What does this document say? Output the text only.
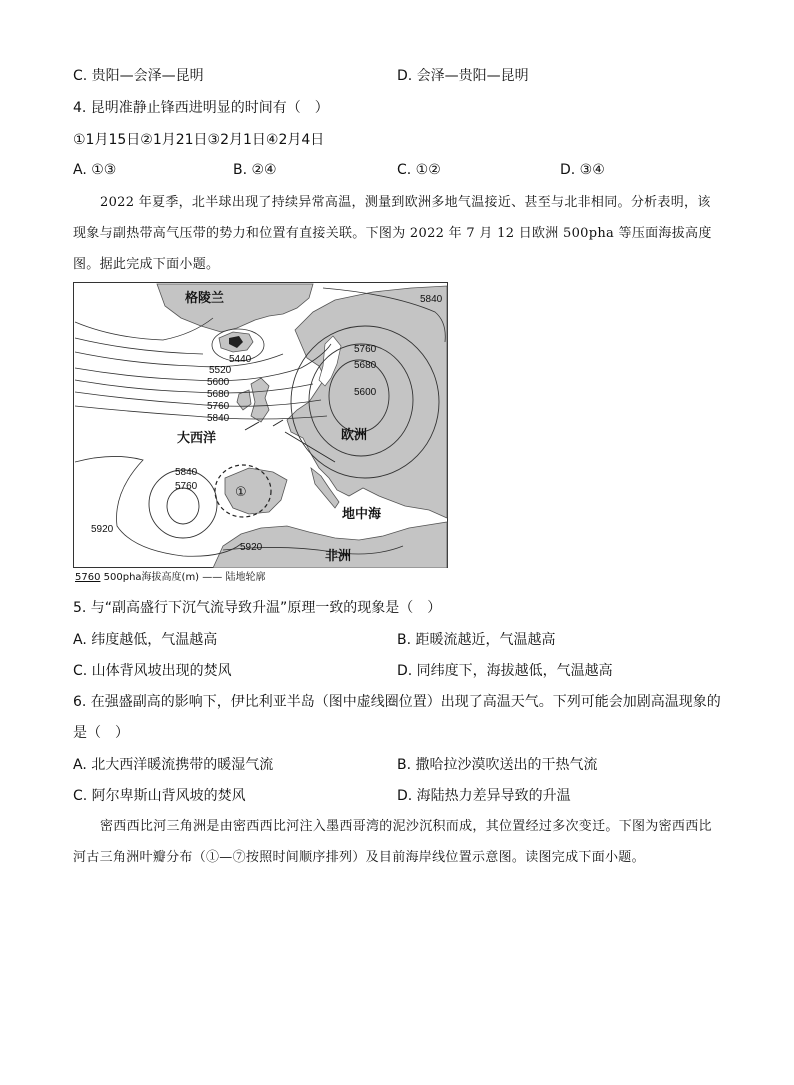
C. 贵阳—会泽—昆明	D. 会泽—贵阳—昆明
4. 昆明准静止锋西进明显的时间有（　）
①1月15日②1月21日③2月1日④2月4日
A. ①③	B. ②④	C. ①②	D. ③④
2022 年夏季，北半球出现了持续异常高温，测量到欧洲多地气温接近、甚至与北非相同。分析表明，该现象与副热带高气压带的势力和位置有直接关联。下图为 2022 年 7 月 12 日欧洲 500pha 等压面海拔高度图。据此完成下面小题。
5840
5440
5520
5600
5680
5760
5840
5760
5680
5600
5840
5760
5920
5920
格陵兰
大西洋	欧洲
地中海
非洲
①
5760 500pha海拔高度(m) —— 陆地轮廓
5. 与“副高盛行下沉气流导致升温”原理一致的现象是（　）
A. 纬度越低，气温越高	B. 距暖流越近，气温越高
C. 山体背风坡出现的焚风	D. 同纬度下，海拔越低，气温越高
6. 在强盛副高的影响下，伊比利亚半岛（图中虚线圈位置）出现了高温天气。下列可能会加剧高温现象的
是（　）
A. 北大西洋暖流携带的暖湿气流	B. 撒哈拉沙漠吹送出的干热气流
C. 阿尔卑斯山背风坡的焚风	D. 海陆热力差异导致的升温
密西西比河三角洲是由密西西比河注入墨西哥湾的泥沙沉积而成，其位置经过多次变迁。下图为密西西比河古三角洲叶瓣分布（①—⑦按照时间顺序排列）及目前海岸线位置示意图。读图完成下面小题。
